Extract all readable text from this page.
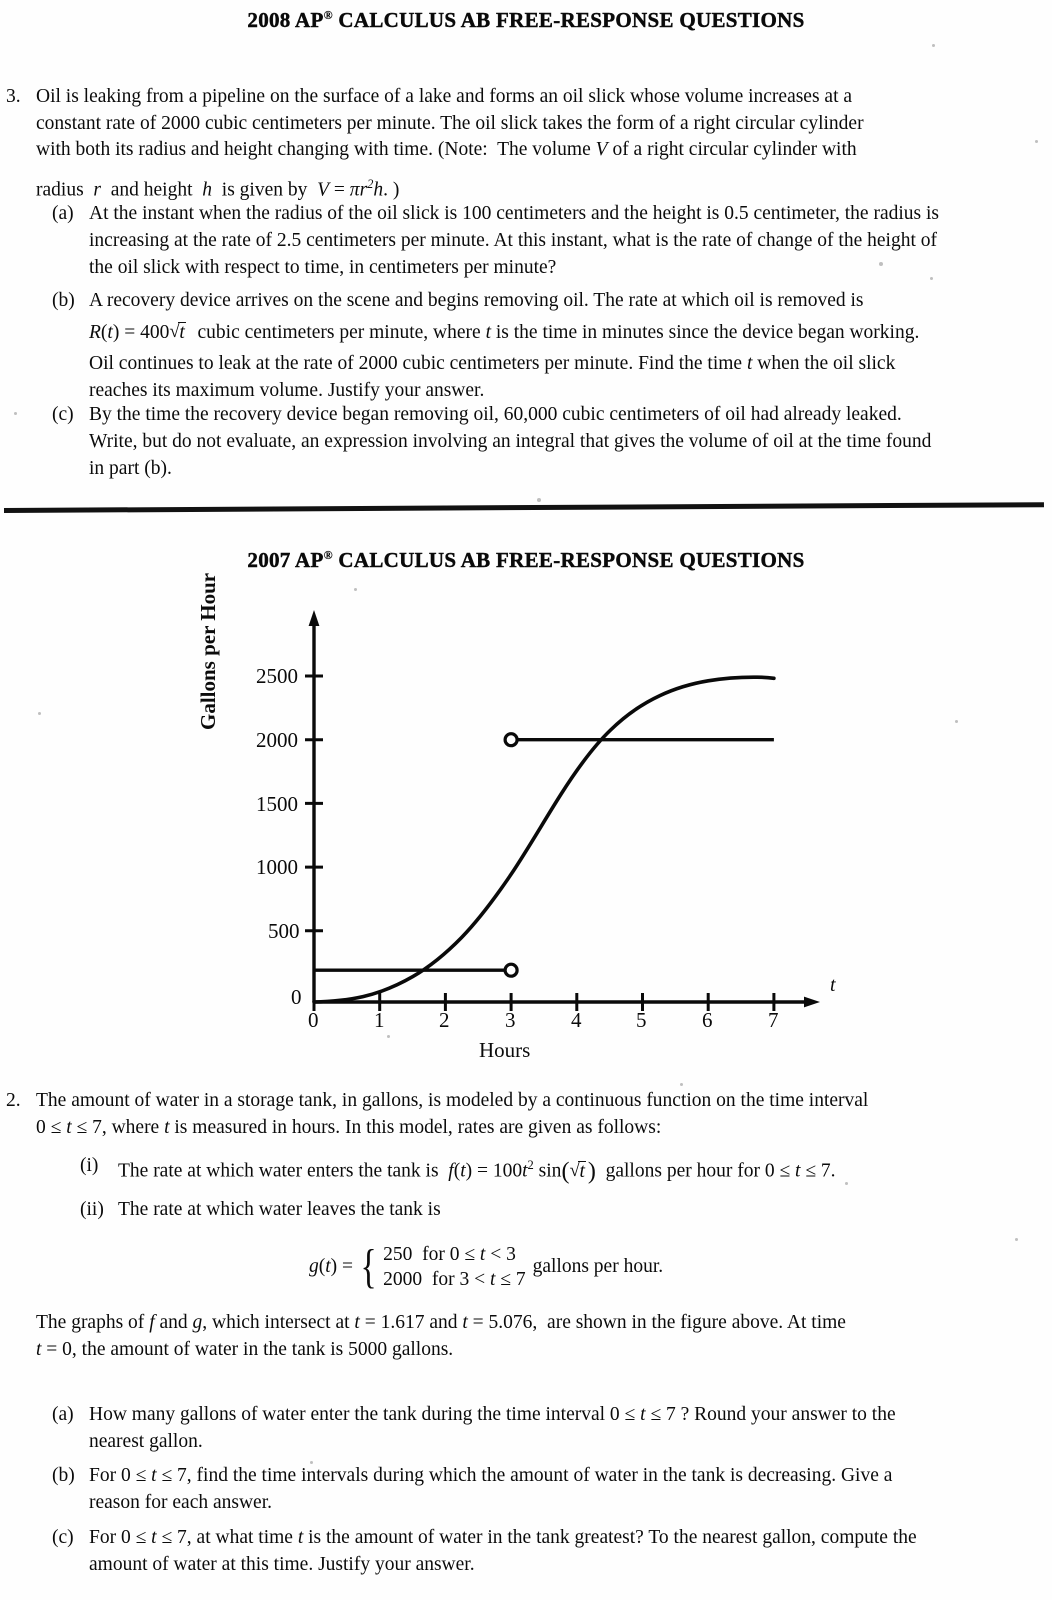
2008 AP® CALCULUS AB FREE-RESPONSE QUESTIONS
3. Oil is leaking from a pipeline on the surface of a lake and forms an oil slick whose volume increases at a
constant rate of 2000 cubic centimeters per minute. The oil slick takes the form of a right circular cylinder
with both its radius and height changing with time. (Note:  The volume V of a right circular cylinder with
radius  r  and height  h  is given by  $V = \pi r^2h$. )
(a) At the instant when the radius of the oil slick is 100 centimeters and the height is 0.5 centimeter, the radius is
increasing at the rate of 2.5 centimeters per minute. At this instant, what is the rate of change of the height of
the oil slick with respect to time, in centimeters per minute?
(b) A recovery device arrives on the scene and begins removing oil. The rate at which oil is removed is
R(t) = 400 √ t  cubic centimeters per minute, where t is the time in minutes since the device began working.
Oil continues to leak at the rate of 2000 cubic centimeters per minute. Find the time t when the oil slick
reaches its maximum volume. Justify your answer.
(c) By the time the recovery device began removing oil, 60,000 cubic centimeters of oil had already leaked.
Write, but do not evaluate, an expression involving an integral that gives the volume of oil at the time found
in part (b).
2007 AP® CALCULUS AB FREE-RESPONSE QUESTIONS
Gallons per Hour 2500
2000
1500
1000
500
0
0	1	2	3	4	5	6	7
t
Hours
2. The amount of water in a storage tank, in gallons, is modeled by a continuous function on the time interval
0 ≤ t ≤ 7, where t is measured in hours. In this model, rates are given as follows:
(i) The rate at which water enters the tank is  $f(t) = 100t^2$ sin( √ t )  gallons per hour for 0 ≤ t ≤ 7.
(ii) The rate at which water leaves the tank is
g(t) = { 250  for 0 ≤ t < 3
2000  for 3 < t ≤ 7
gallons per hour.
The graphs of f and g, which intersect at t = 1.617 and t = 5.076,  are shown in the figure above. At time
t = 0, the amount of water in the tank is 5000 gallons.
(a) How many gallons of water enter the tank during the time interval 0 ≤ t ≤ 7 ? Round your answer to the
nearest gallon.
(b) For 0 ≤ t ≤ 7, find the time intervals during which the amount of water in the tank is decreasing. Give a
reason for each answer.
(c) For 0 ≤ t ≤ 7, at what time t is the amount of water in the tank greatest? To the nearest gallon, compute the
amount of water at this time. Justify your answer.
